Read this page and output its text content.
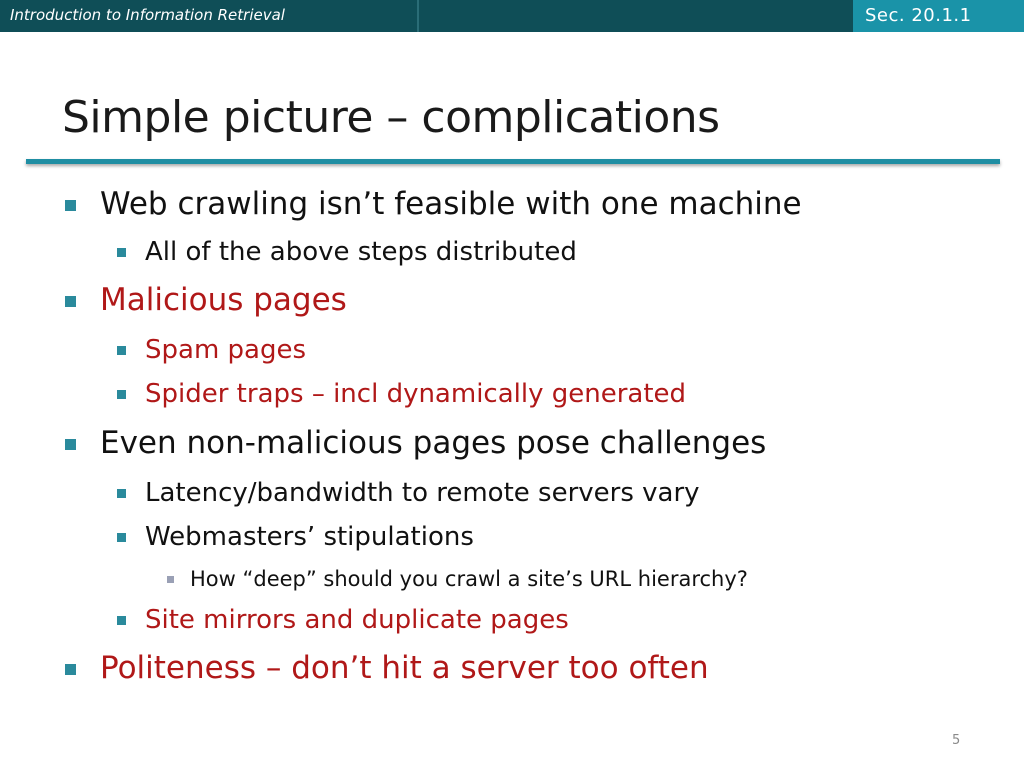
Introduction to Information Retrieval	Sec. 20.1.1
Simple picture – complications
Web crawling isn’t feasible with one machine
All of the above steps distributed
Malicious pages
Spam pages
Spider traps – incl dynamically generated
Even non-malicious pages pose challenges
Latency/bandwidth to remote servers vary
Webmasters’ stipulations
How “deep” should you crawl a site’s URL hierarchy?
Site mirrors and duplicate pages
Politeness – don’t hit a server too often
5
